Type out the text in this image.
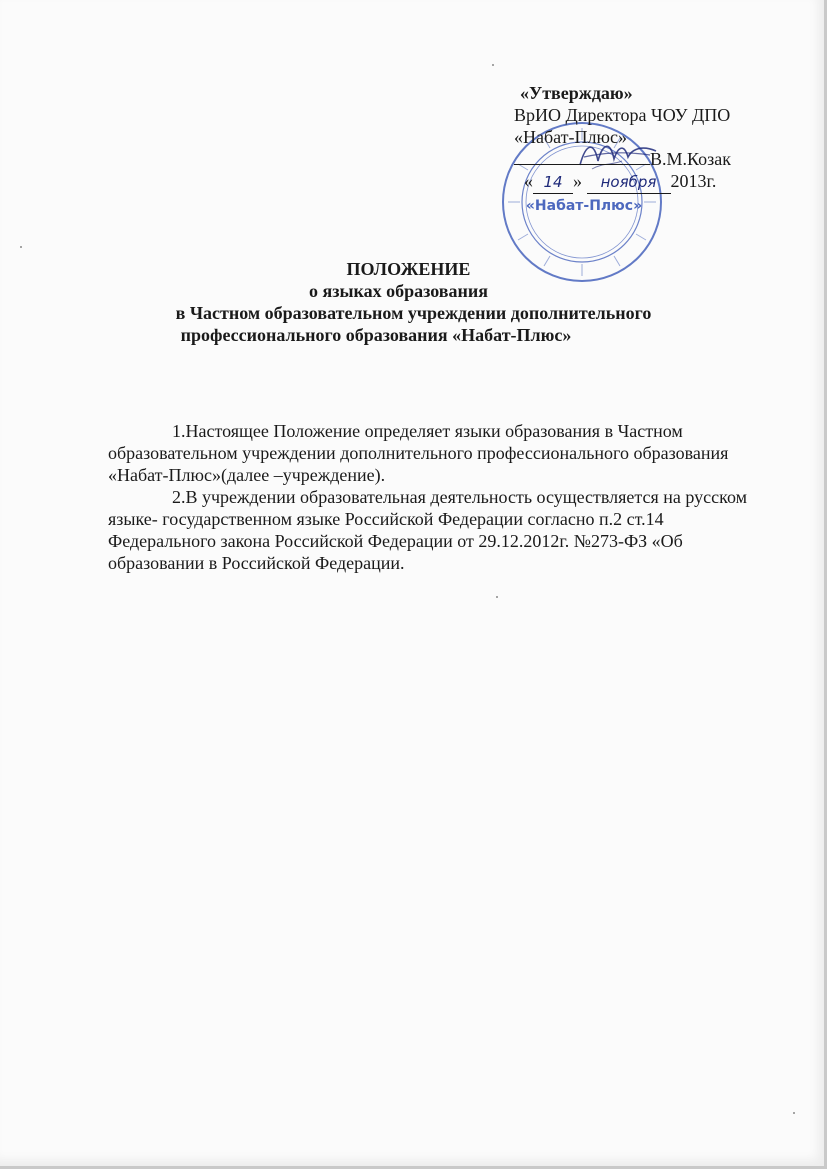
«Набат-Плюс»
«Утверждаю»
ВрИО Директора ЧОУ ДПО
«Набат-Плюс»
В.М.Козак
« 14 » ноября 2013г.
ПОЛОЖЕНИЕ
о языках образования
в Частном образовательном учреждении дополнительного
профессионального образования «Набат-Плюс»

1.Настоящее Положение определяет языки образования в Частном образовательном учреждении дополнительного профессионального образования «Набат-Плюс»(далее –учреждение).

2.В учреждении образовательная деятельность осуществляется на русском языке- государственном языке Российской Федерации согласно п.2 ст.14 Федерального закона Российской Федерации от 29.12.2012г. №273-ФЗ «Об образовании в Российской Федерации.
